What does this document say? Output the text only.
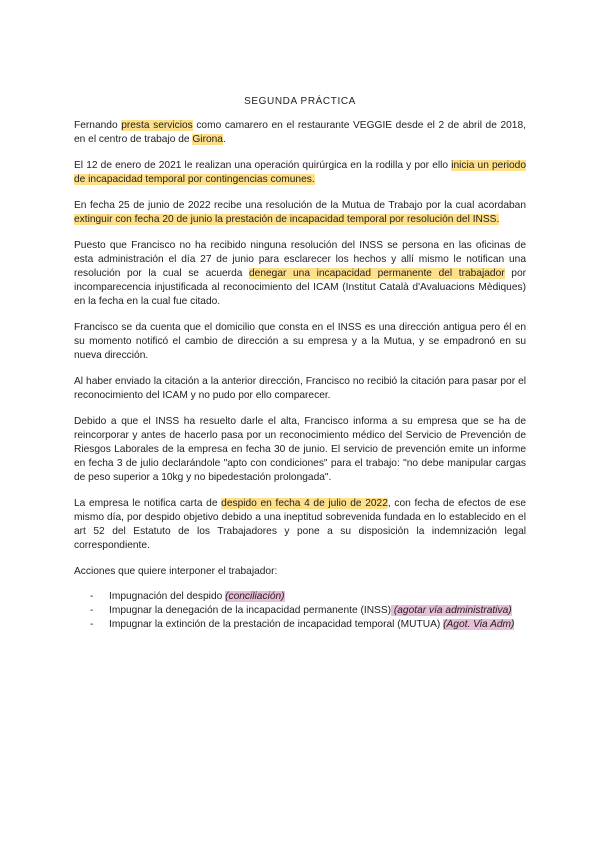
SEGUNDA PRÁCTICA

Fernando presta servicios como camarero en el restaurante VEGGIE desde el 2 de abril de 2018, en el centro de trabajo de Girona.

El 12 de enero de 2021 le realizan una operación quirúrgica en la rodilla y por ello inicia un periodo de incapacidad temporal por contingencias comunes.

En fecha 25 de junio de 2022 recibe una resolución de la Mutua de Trabajo por la cual acordaban extinguir con fecha 20 de junio la prestación de incapacidad temporal por resolución del INSS.

Puesto que Francisco no ha recibido ninguna resolución del INSS se persona en las oficinas de esta administración el día 27 de junio para esclarecer los hechos y allí mismo le notifican una resolución por la cual se acuerda denegar una incapacidad permanente del trabajador por incomparecencia injustificada al reconocimiento del ICAM (Institut Català d'Avaluacions Mèdiques) en la fecha en la cual fue citado.

Francisco se da cuenta que el domicilio que consta en el INSS es una dirección antigua pero él en su momento notificó el cambio de dirección a su empresa y a la Mutua, y se empadronó en su nueva dirección.

Al haber enviado la citación a la anterior dirección, Francisco no recibió la citación para pasar por el reconocimiento del ICAM y no pudo por ello comparecer.

Debido a que el INSS ha resuelto darle el alta, Francisco informa a su empresa que se ha de reincorporar y antes de hacerlo pasa por un reconocimiento médico del Servicio de Prevención de Riesgos Laborales de la empresa en fecha 30 de junio. El servicio de prevención emite un informe en fecha 3 de julio declarándole "apto con condiciones" para el trabajo: "no debe manipular cargas de peso superior a 10kg y no bipedestación prolongada".

La empresa le notifica carta de despido en fecha 4 de julio de 2022, con fecha de efectos de ese mismo día, por despido objetivo debido a una ineptitud sobrevenida fundada en lo establecido en el art 52 del Estatuto de los Trabajadores y pone a su disposición la indemnización legal correspondiente.

Acciones que quiere interponer el trabajador:

- Impugnación del despido (conciliación)
- Impugnar la denegación de la incapacidad permanente (INSS) (agotar vía administrativa)
- Impugnar la extinción de la prestación de incapacidad temporal (MUTUA) (Agot. Via Adm)
